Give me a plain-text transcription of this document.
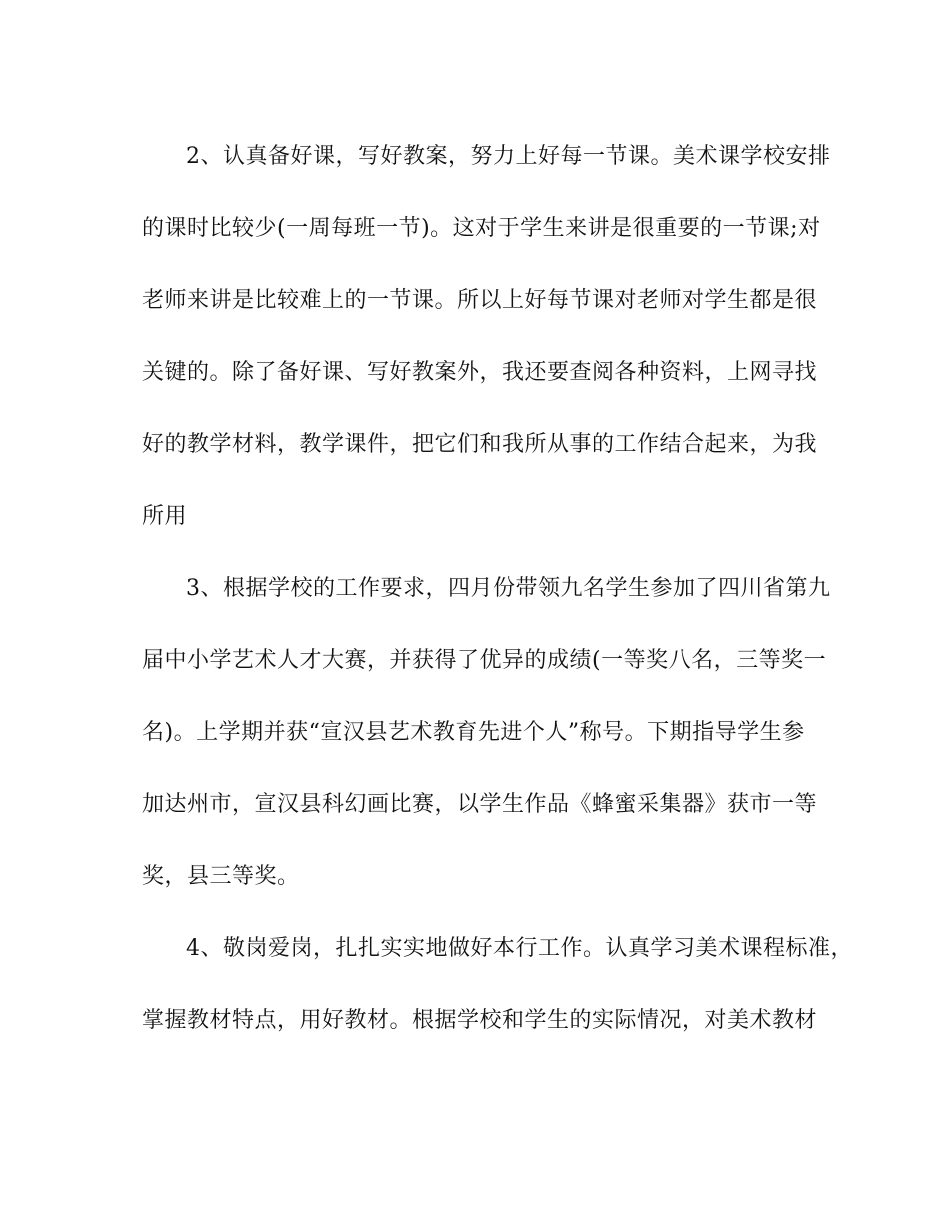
2、认真备好课，写好教案，努力上好每一节课。美术课学校安排
的课时比较少(一周每班一节)。这对于学生来讲是很重要的一节课;对
老师来讲是比较难上的一节课。所以上好每节课对老师对学生都是很
关键的。除了备好课、写好教案外，我还要查阅各种资料，上网寻找
好的教学材料，教学课件，把它们和我所从事的工作结合起来，为我
所用
3、根据学校的工作要求，四月份带领九名学生参加了四川省第九
届中小学艺术人才大赛，并获得了优异的成绩(一等奖八名，三等奖一
名)。上学期并获“宣汉县艺术教育先进个人”称号。下期指导学生参
加达州市，宣汉县科幻画比赛，以学生作品《蜂蜜采集器》获市一等
奖，县三等奖。
4、敬岗爱岗，扎扎实实地做好本行工作。认真学习美术课程标准，
掌握教材特点，用好教材。根据学校和学生的实际情况，对美术教材
